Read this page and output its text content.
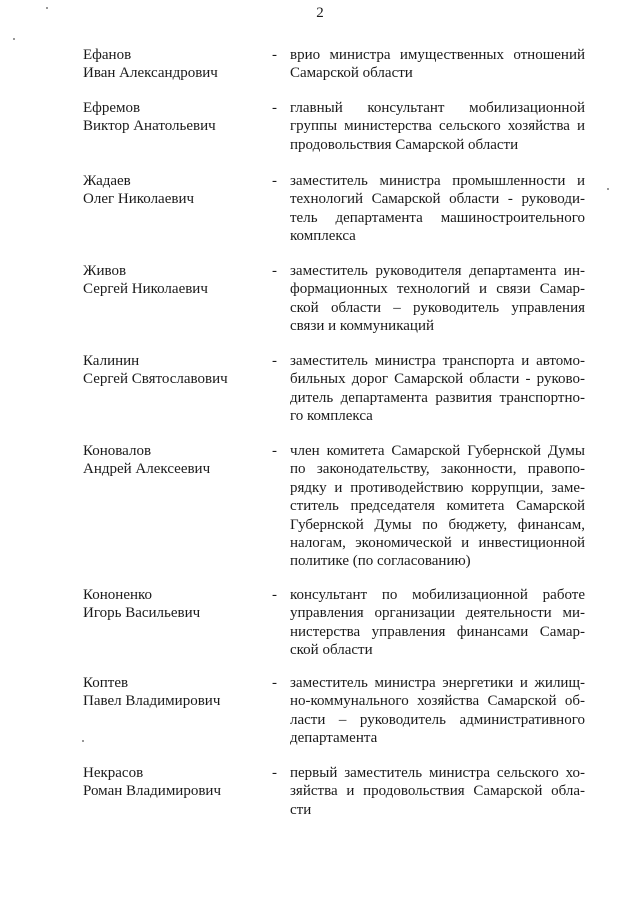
2
Ефанов
Иван Александрович
- врио министра имущественных отношений
Самарской области
Ефремов
Виктор Анатольевич
- главный консультант мобилизационной
группы министерства сельского хозяйства и
продовольствия Самарской области
Жадаев
Олег Николаевич
- заместитель министра промышленности и
технологий Самарской области - руководи-
тель департамента машиностроительного
комплекса
Живов
Сергей Николаевич
- заместитель руководителя департамента ин-
формационных технологий и связи Самар-
ской области – руководитель управления
связи и коммуникаций
Калинин
Сергей Святославович
- заместитель министра транспорта и автомо-
бильных дорог Самарской области - руково-
дитель департамента развития транспортно-
го комплекса
Коновалов
Андрей Алексеевич
- член комитета Самарской Губернской Думы
по законодательству, законности, правопо-
рядку и противодействию коррупции, заме-
ститель председателя комитета Самарской
Губернской Думы по бюджету, финансам,
налогам, экономической и инвестиционной
политике (по согласованию)
Кононенко
Игорь Васильевич
- консультант по мобилизационной работе
управления организации деятельности ми-
нистерства управления финансами Самар-
ской области
Коптев
Павел Владимирович
- заместитель министра энергетики и жилищ-
но-коммунального хозяйства Самарской об-
ласти – руководитель административного
департамента
Некрасов
Роман Владимирович
- первый заместитель министра сельского хо-
зяйства и продовольствия Самарской обла-
сти
